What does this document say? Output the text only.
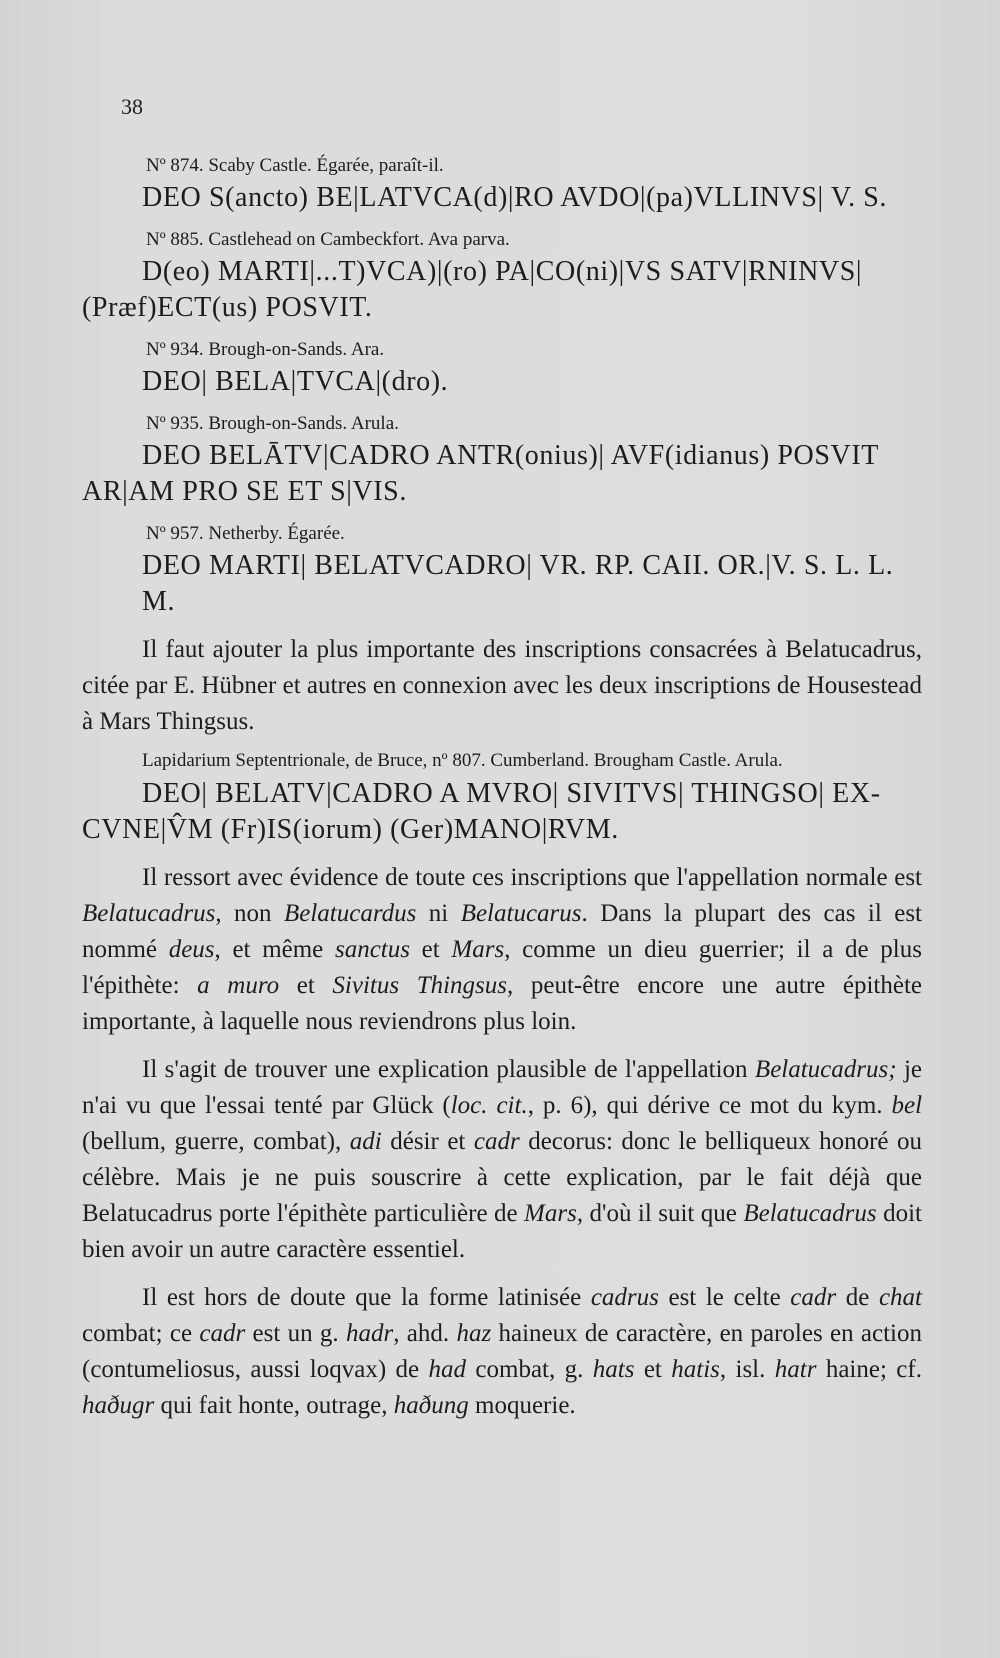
38
Nº 874. Scaby Castle. Égarée, paraît-il.
DEO S(ancto) BE|LATVCA(d)|RO AVDO|(pa)VLLINVS| V. S.
Nº 885. Castlehead on Cambeckfort. Ava parva.
D(eo) MARTI|...T)VCA)|(ro) PA|CO(ni)|VS SATV|RNINVS| (Præf)ECT(us) POSVIT.
Nº 934. Brough-on-Sands. Ara.
DEO| BELA|TVCA|(dro).
Nº 935. Brough-on-Sands. Arula.
DEO BELĀTV|CADRO ANTR(onius)| AVF(idianus) POSVIT AR|AM PRO SE ET S|VIS.
Nº 957. Netherby. Égarée.
DEO MARTI| BELATVCADRO| VR. RP. CAII. OR.|V. S. L. L. M.

Il faut ajouter la plus importante des inscriptions consacrées à Belatucadrus, citée par E. Hübner et autres en connexion avec les deux inscriptions de Housestead à Mars Thingsus.

Lapidarium Septentrionale, de Bruce, nº 807. Cumberland. Brougham Castle. Arula.
DEO| BELATV|CADRO A MVRO| SIVITVS| THINGSO| EX-CVNE|V̂M (Fr)IS(iorum) (Ger)MANO|RVM.

Il ressort avec évidence de toute ces inscriptions que l'appellation normale est Belatucadrus, non Belatucardus ni Belatucarus. Dans la plupart des cas il est nommé deus, et même sanctus et Mars, comme un dieu guerrier; il a de plus l'épithète: a muro et Sivitus Thingsus, peut-être encore une autre épithète importante, à laquelle nous reviendrons plus loin.

Il s'agit de trouver une explication plausible de l'appellation Belatucadrus; je n'ai vu que l'essai tenté par Glück (loc. cit., p. 6), qui dérive ce mot du kym. bel (bellum, guerre, combat), adi désir et cadr decorus: donc le belliqueux honoré ou célèbre. Mais je ne puis souscrire à cette explication, par le fait déjà que Belatucadrus porte l'épithète particulière de Mars, d'où il suit que Belatucadrus doit bien avoir un autre caractère essentiel.

Il est hors de doute que la forme latinisée cadrus est le celte cadr de chat combat; ce cadr est un g. hadr, ahd. haz haineux de caractère, en paroles en action (contumeliosus, aussi loqvax) de had combat, g. hats et hatis, isl. hatr haine; cf. haðugr qui fait honte, outrage, haðung moquerie.
